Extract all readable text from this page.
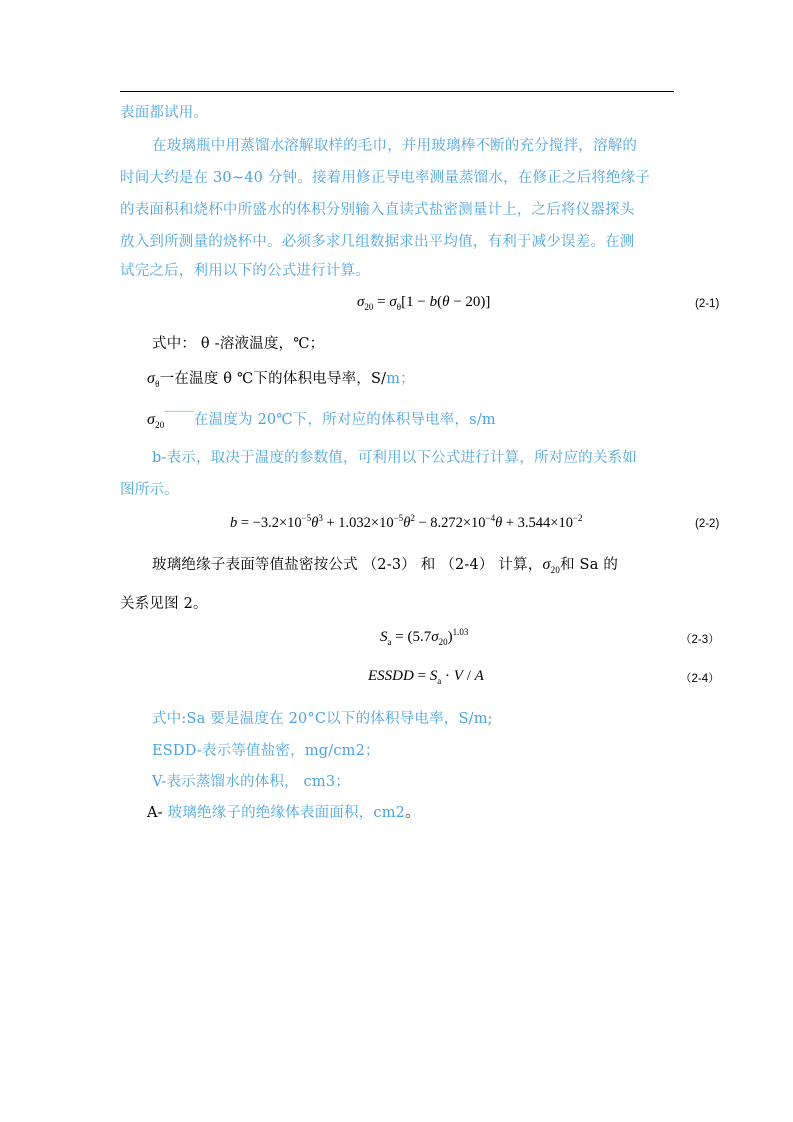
表面都试用。
在玻璃瓶中用蒸馏水溶解取样的毛巾，并用玻璃棒不断的充分搅拌，溶解的
时间大约是在 30~40 分钟。接着用修正导电率测量蒸馏水，在修正之后将绝缘子
的表面积和烧杯中所盛水的体积分别输入直读式盐密测量计上，之后将仪器探头
放入到所测量的烧杯中。必须多求几组数据求出平均值，有利于减少误差。在测
试完之后，利用以下的公式进行计算。
$\sigma_{20} = \sigma_\theta[1 - b(\theta - 20)]$	(2-1)
式中： θ -溶液温度，℃；
$\sigma_\theta$一在温度 θ ℃下的体积电导率，S/m；
$\sigma_{20}$￣￣在温度为 20℃下，所对应的体积导电率，s/m
b-表示，取决于温度的参数值，可利用以下公式进行计算，所对应的关系如
图所示。
$b = -3.2\times 10^{-5}\theta^3 + 1.032\times 10^{-5}\theta^2 - 8.272\times 10^{-4}\theta + 3.544\times 10^{-2}$	(2-2)
玻璃绝缘子表面等值盐密按公式 （2-3） 和 （2-4） 计算，$\sigma_{20}$和 Sa 的
关系见图 2。
$S_a = (5.7\sigma_{20})^{1.03}$
（2-3）
ESSDD = $S_a \cdot V / A$	（2-4）
式中:Sa 要是温度在 20°C以下的体积导电率，S/m;
ESDD-表示等值盐密，mg/cm2；
V-表示蒸馏水的体积， cm3；
A- 玻璃绝缘子的绝缘体表面面积，cm2。
